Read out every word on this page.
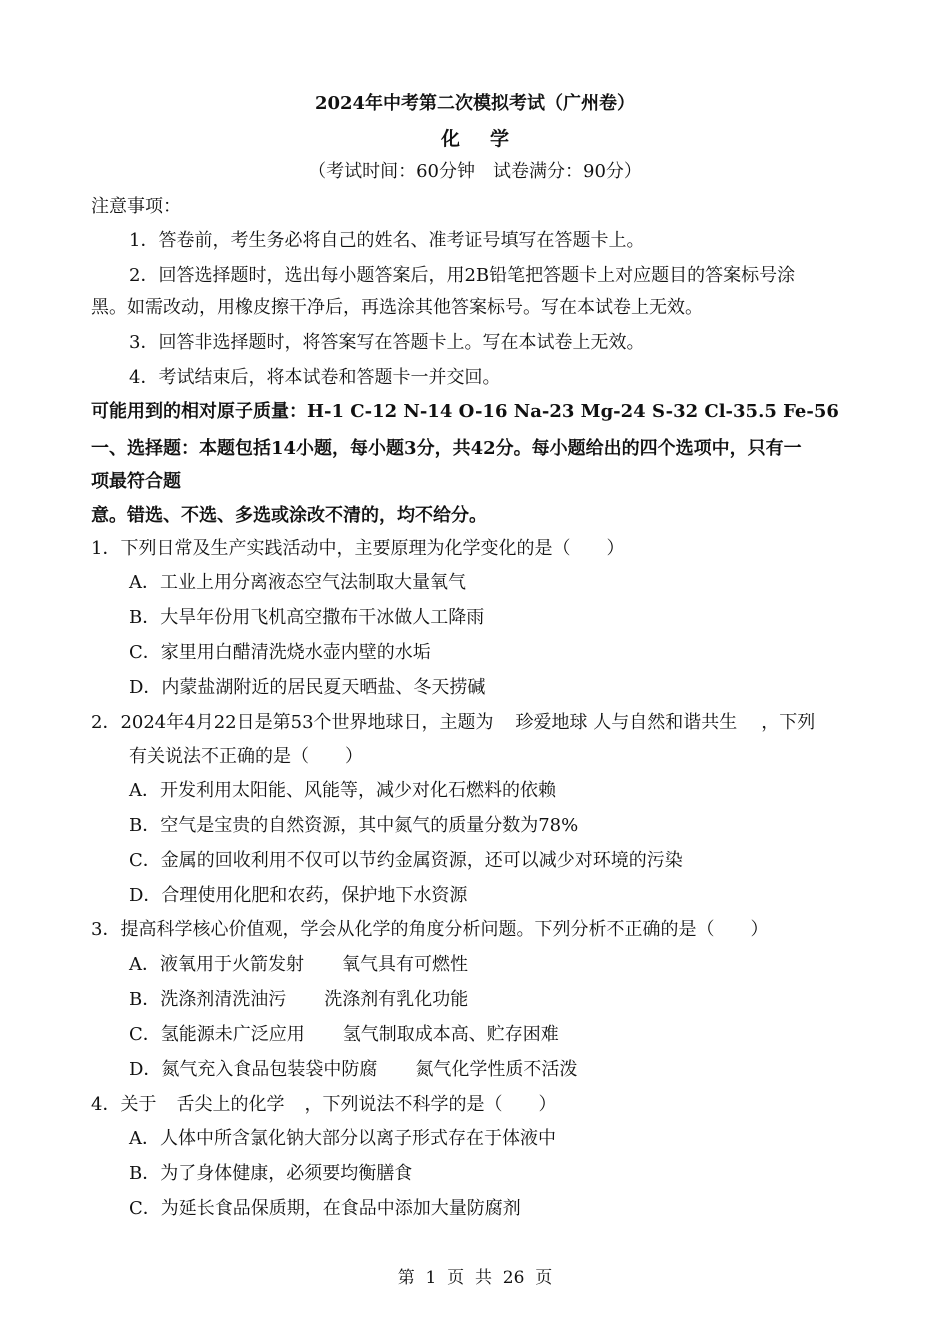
2024年中考第二次模拟考试（广州卷）
化 学
（考试时间：60分钟　试卷满分：90分）
注意事项：
1．答卷前，考生务必将自己的姓名、准考证号填写在答题卡上。
2．回答选择题时，选出每小题答案后，用2B铅笔把答题卡上对应题目的答案标号涂
黑。如需改动，用橡皮擦干净后，再选涂其他答案标号。写在本试卷上无效。
3．回答非选择题时，将答案写在答题卡上。写在本试卷上无效。
4．考试结束后，将本试卷和答题卡一并交回。
可能用到的相对原子质量：H-1 C-12 N-14 O-16 Na-23 Mg-24 S-32 Cl-35.5 Fe-56
一、选择题：本题包括14小题，每小题3分，共42分。每小题给出的四个选项中，只有一
项最符合题
意。错选、不选、多选或涂改不清的，均不给分。
1．下列日常及生产实践活动中，主要原理为化学变化的是（　　）
A．工业上用分离液态空气法制取大量氧气
B．大旱年份用飞机高空撒布干冰做人工降雨
C．家里用白醋清洗烧水壶内壁的水垢
D．内蒙盐湖附近的居民夏天晒盐、冬天捞碱
2．2024年4月22日是第53个世界地球日，主题为 珍爱地球 人与自然和谐共生 ，下列
有关说法不正确的是（　　）
A．开发利用太阳能、风能等，减少对化石燃料的依赖
B．空气是宝贵的自然资源，其中氮气的质量分数为78%
C．金属的回收利用不仅可以节约金属资源，还可以减少对环境的污染
D．合理使用化肥和农药，保护地下水资源
3．提高科学核心价值观，学会从化学的角度分析问题。下列分析不正确的是（　　）
A．液氧用于火箭发射 氧气具有可燃性
B．洗涤剂清洗油污 洗涤剂有乳化功能
C．氢能源未广泛应用 氢气制取成本高、贮存困难
D．氮气充入食品包装袋中防腐 氮气化学性质不活泼
4．关于 舌尖上的化学 ，下列说法不科学的是（　　）
A．人体中所含氯化钠大部分以离子形式存在于体液中
B．为了身体健康，必须要均衡膳食
C．为延长食品保质期，在食品中添加大量防腐剂
第  1  页  共  26  页
